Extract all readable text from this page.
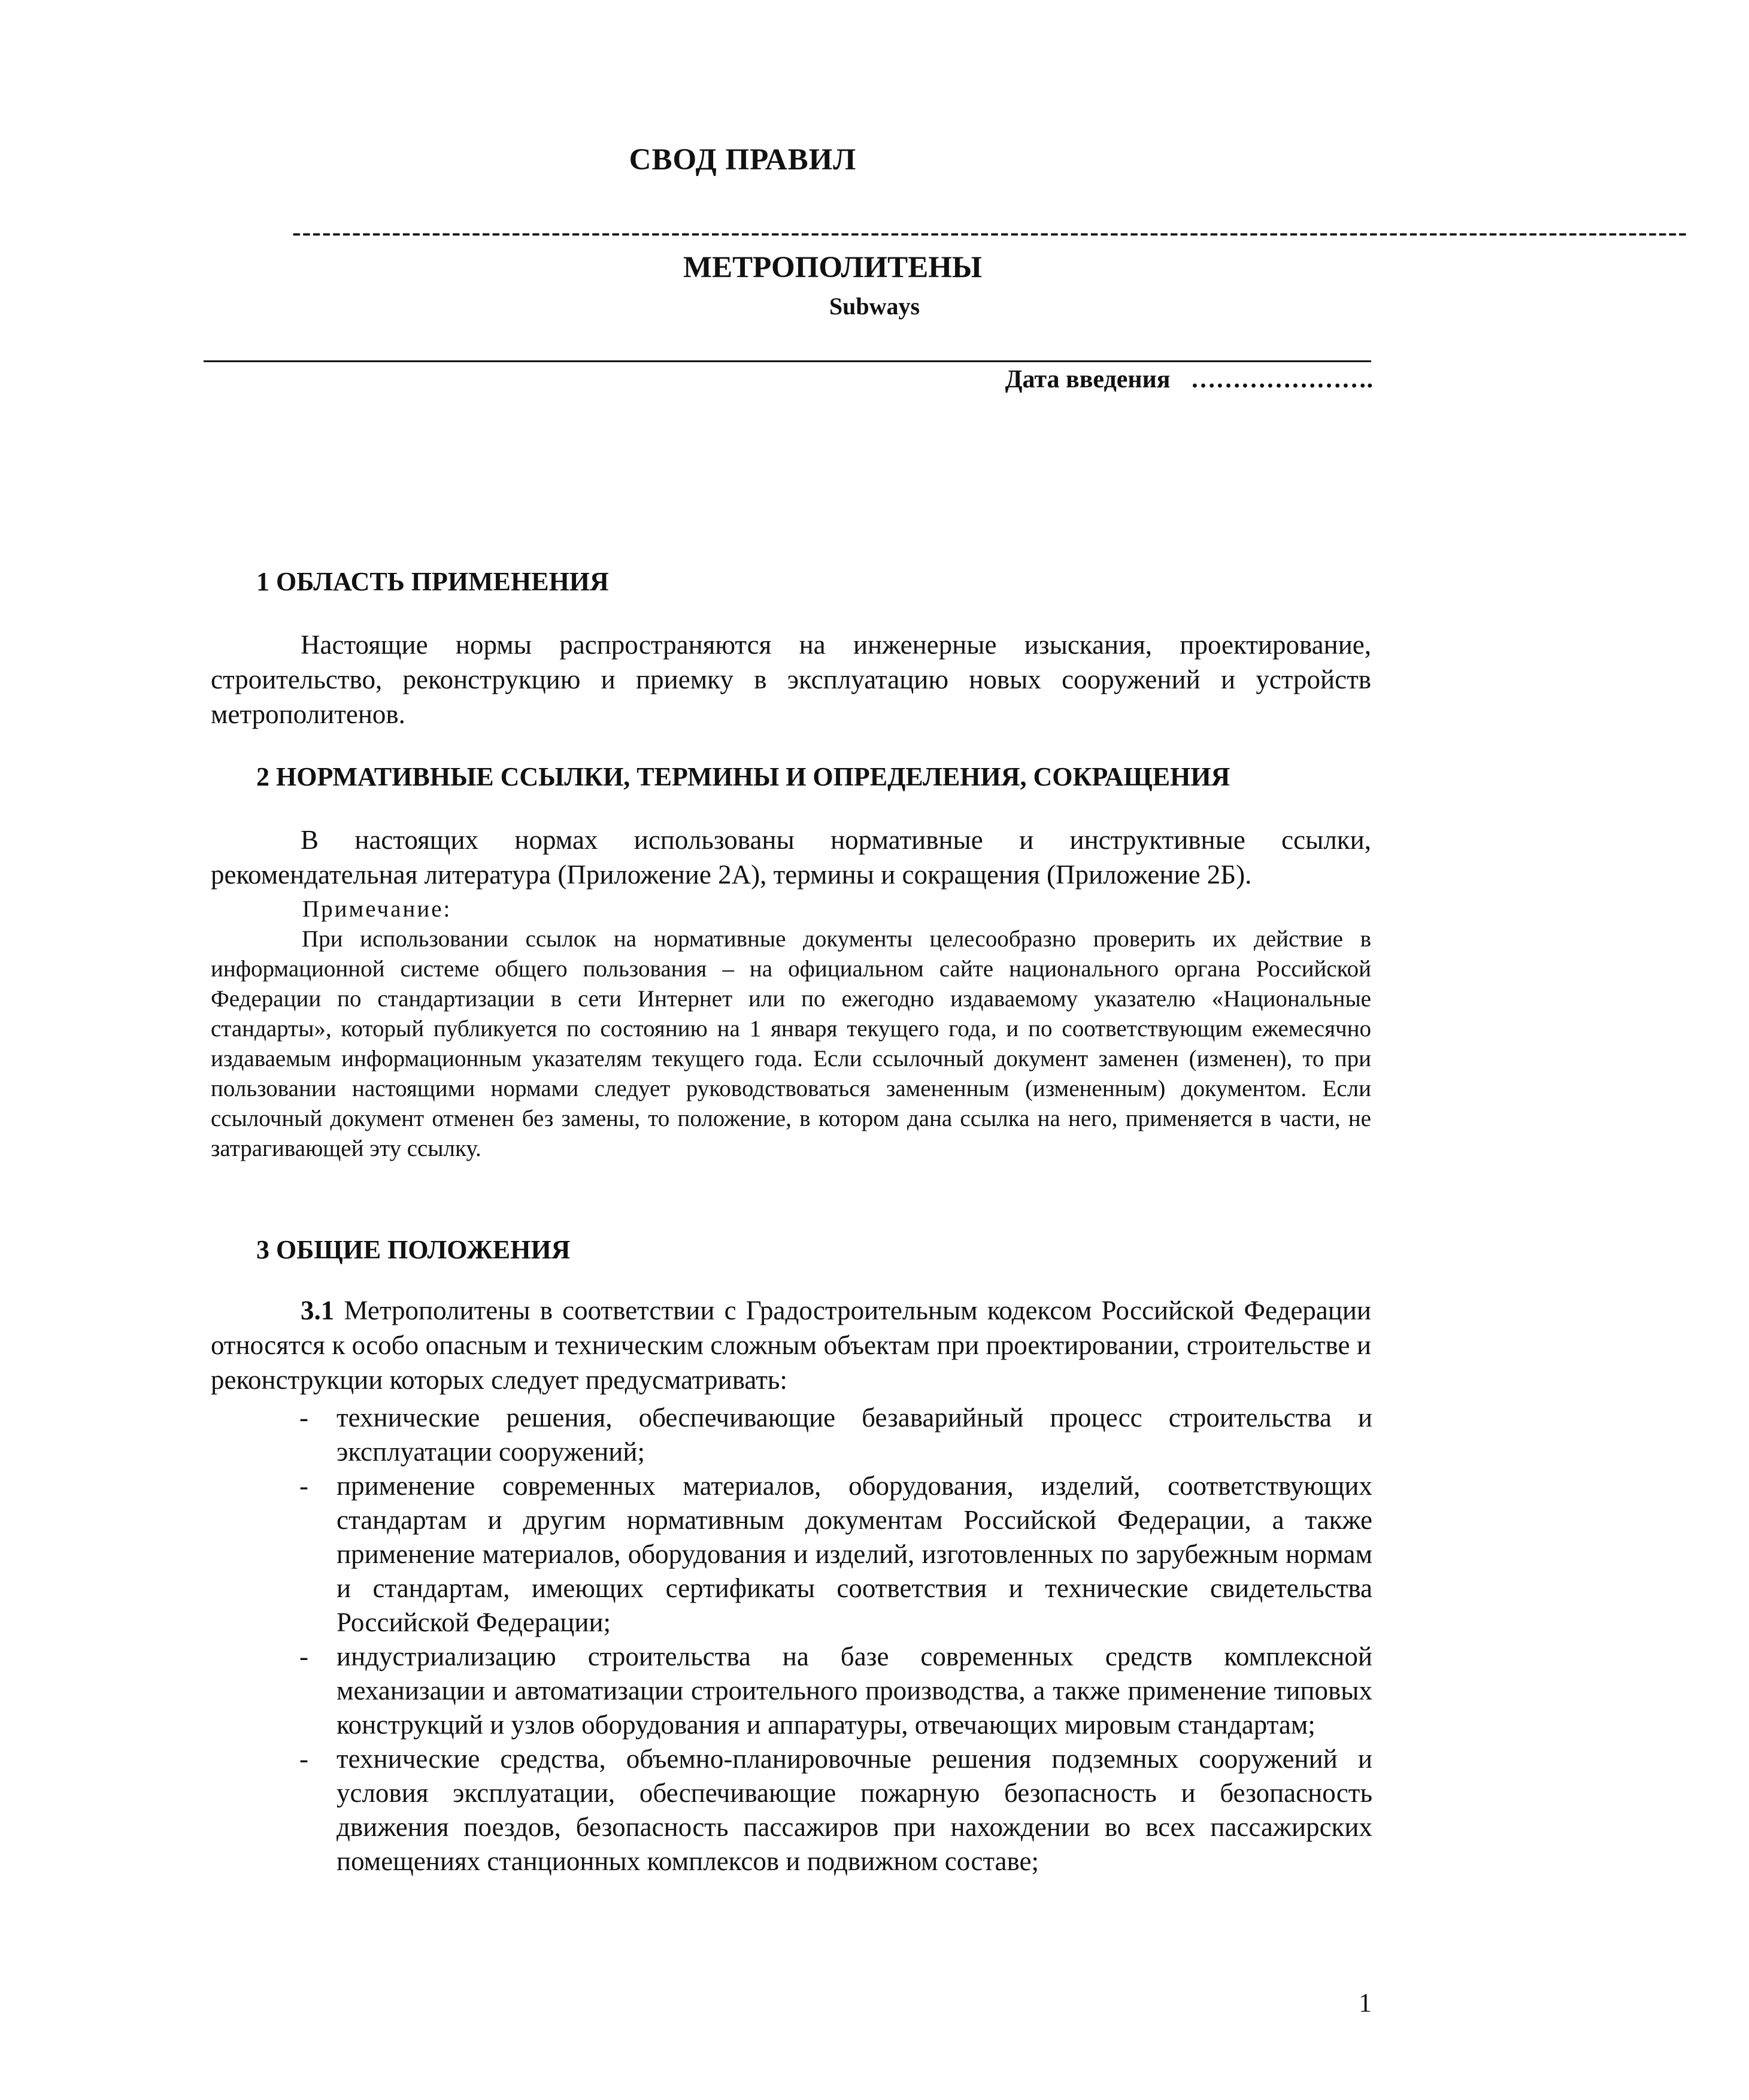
СВОД ПРАВИЛ
--------------------------------------------------------------------------------------------------------------------------------------------
МЕТРОПОЛИТЕНЫ
Subways
Дата введения ………………….
1 ОБЛАСТЬ ПРИМЕНЕНИЯ
Настоящие нормы распространяются на инженерные изыскания, проектирование, строительство, реконструкцию и приемку в эксплуатацию новых сооружений и устройств метрополитенов.
2 НОРМАТИВНЫЕ ССЫЛКИ, ТЕРМИНЫ И ОПРЕДЕЛЕНИЯ, СОКРАЩЕНИЯ
В настоящих нормах использованы нормативные и инструктивные ссылки, рекомендательная литература (Приложение 2А), термины и сокращения (Приложение 2Б).
Примечание:
При использовании ссылок на нормативные документы целесообразно проверить их действие в информационной системе общего пользования – на официальном сайте национального органа Российской Федерации по стандартизации в сети Интернет или по ежегодно издаваемому указателю «Национальные стандарты», который публикуется по состоянию на 1 января текущего года, и по соответствующим ежемесячно издаваемым информационным указателям текущего года. Если ссылочный документ заменен (изменен), то при пользовании настоящими нормами следует руководствоваться замененным (измененным) документом. Если ссылочный документ отменен без замены, то положение, в котором дана ссылка на него, применяется в части, не затрагивающей эту ссылку.
3 ОБЩИЕ ПОЛОЖЕНИЯ
3.1 Метрополитены в соответствии с Градостроительным кодексом Российской Федерации относятся к особо опасным и техническим сложным объектам при проектировании, строительстве и реконструкции которых следует предусматривать:
- технические решения, обеспечивающие безаварийный процесс строительства и эксплуатации сооружений;
- применение современных материалов, оборудования, изделий, соответствующих стандартам и другим нормативным документам Российской Федерации, а также применение материалов, оборудования и изделий, изготовленных по зарубежным нормам и стандартам, имеющих сертификаты соответствия и технические свидетельства Российской Федерации;
- индустриализацию строительства на базе современных средств комплексной механизации и автоматизации строительного производства, а также применение типовых конструкций и узлов оборудования и аппаратуры, отвечающих мировым стандартам;
- технические средства, объемно-планировочные решения подземных сооружений и условия эксплуатации, обеспечивающие пожарную безопасность и безопасность движения поездов, безопасность пассажиров при нахождении во всех пассажирских помещениях станционных комплексов и подвижном составе;
1
